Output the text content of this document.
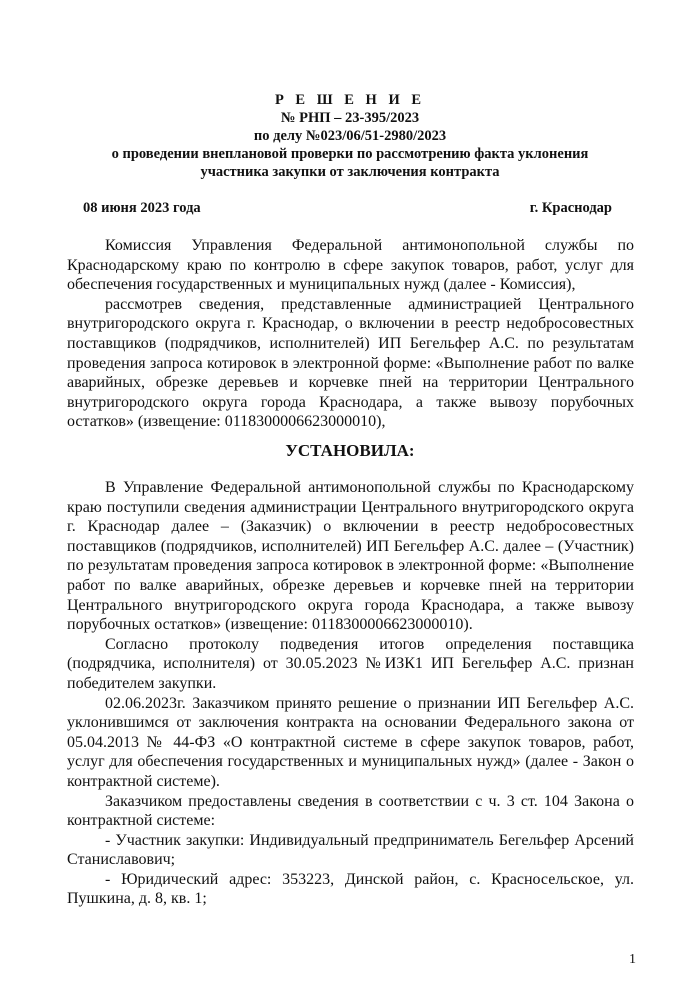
Р Е Ш Е Н И Е
№ РНП – 23-395/2023
по делу №023/06/51-2980/2023
о проведении внеплановой проверки по рассмотрению факта уклонения
участника закупки от заключения контракта
08 июня 2023 года	г. Краснодар

Комиссия Управления Федеральной антимонопольной службы по Краснодарскому краю по контролю в сфере закупок товаров, работ, услуг для обеспечения государственных и муниципальных нужд (далее - Комиссия),

рассмотрев сведения, представленные администрацией Центрального внутригородского округа г. Краснодар, о включении в реестр недобросовестных поставщиков (подрядчиков, исполнителей) ИП Бегельфер А.С. по результатам проведения запроса котировок в электронной форме: «Выполнение работ по валке аварийных, обрезке деревьев и корчевке пней на территории Центрального внутригородского округа города Краснодара, а также вывозу порубочных остатков» (извещение: 0118300006623000010),

УСТАНОВИЛА:

В Управление Федеральной антимонопольной службы по Краснодарскому краю поступили сведения администрации Центрального внутригородского округа г. Краснодар далее – (Заказчик) о включении в реестр недобросовестных поставщиков (подрядчиков, исполнителей) ИП Бегельфер А.С. далее – (Участник) по результатам проведения запроса котировок в электронной форме: «Выполнение работ по валке аварийных, обрезке деревьев и корчевке пней на территории Центрального внутригородского округа города Краснодара, а также вывозу порубочных остатков» (извещение: 0118300006623000010).

Согласно протоколу подведения итогов определения поставщика (подрядчика, исполнителя) от 30.05.2023 №ИЗК1 ИП Бегельфер А.С. признан победителем закупки.

02.06.2023г. Заказчиком принято решение о признании ИП Бегельфер А.С. уклонившимся от заключения контракта на основании Федерального закона от 05.04.2013 № 44-ФЗ «О контрактной системе в сфере закупок товаров, работ, услуг для обеспечения государственных и муниципальных нужд» (далее - Закон о контрактной системе).

Заказчиком предоставлены сведения в соответствии с ч. 3 ст. 104 Закона о контрактной системе:

- Участник закупки: Индивидуальный предприниматель Бегельфер Арсений Станиславович;

- Юридический адрес: 353223, Динской район, с. Красносельское, ул. Пушкина, д. 8, кв. 1;

1
